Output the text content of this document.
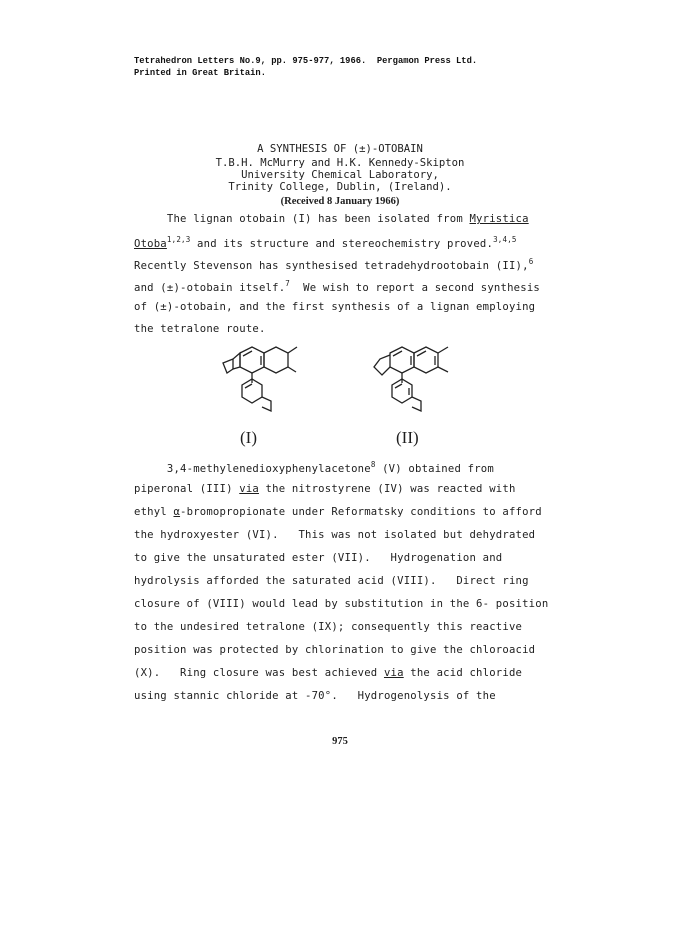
Tetrahedron Letters No.9, pp. 975-977, 1966.  Pergamon Press Ltd.
Printed in Great Britain.
A SYNTHESIS OF (±)-OTOBAIN
T.B.H. McMurry and H.K. Kennedy-Skipton
University Chemical Laboratory,
Trinity College, Dublin, (Ireland).
(Received 8 January 1966)
The lignan otobain (I) has been isolated from Myristica
Otoba$^{1,2,3}$ and its structure and stereochemistry proved.$^{3,4,5}$
Recently Stevenson has synthesised tetradehydrootobain (II),$^6$
and (±)-otobain itself.$^7$  We wish to report a second synthesis
of (±)-otobain, and the first synthesis of a lignan employing
the tetralone route.
(I)	(II)
3,4-methylenedioxyphenylacetone$^8$ (V) obtained from
piperonal (III) via the nitrostyrene (IV) was reacted with
ethyl α-bromopropionate under Reformatsky conditions to afford
the hydroxyester (VI).   This was not isolated but dehydrated
to give the unsaturated ester (VII).   Hydrogenation and
hydrolysis afforded the saturated acid (VIII).   Direct ring
closure of (VIII) would lead by substitution in the 6- position
to the undesired tetralone (IX); consequently this reactive
position was protected by chlorination to give the chloroacid
(X).   Ring closure was best achieved via the acid chloride
using stannic chloride at -70°.   Hydrogenolysis of the
975
